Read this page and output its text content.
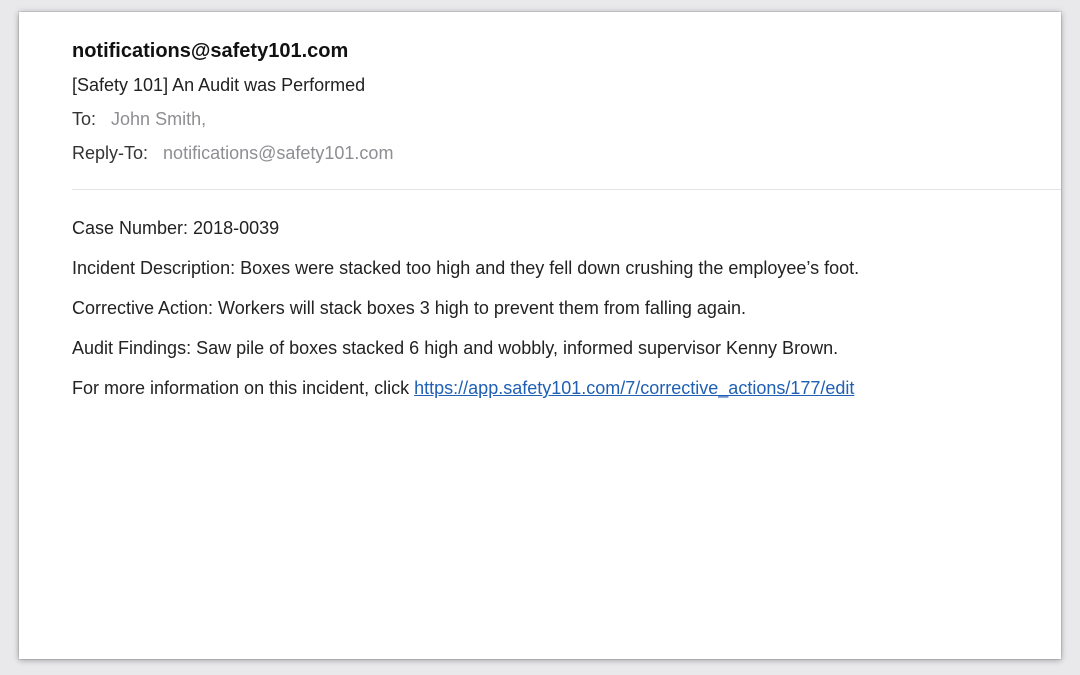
notifications@safety101.com
[Safety 101] An Audit was Performed
To: John Smith,
Reply-To: notifications@safety101.com

Case Number: 2018-0039

Incident Description: Boxes were stacked too high and they fell down crushing the employee’s foot.

Corrective Action: Workers will stack boxes 3 high to prevent them from falling again.

Audit Findings: Saw pile of boxes stacked 6 high and wobbly, informed supervisor Kenny Brown.

For more information on this incident, click https://app.safety101.com/7/corrective_actions/177/edit
